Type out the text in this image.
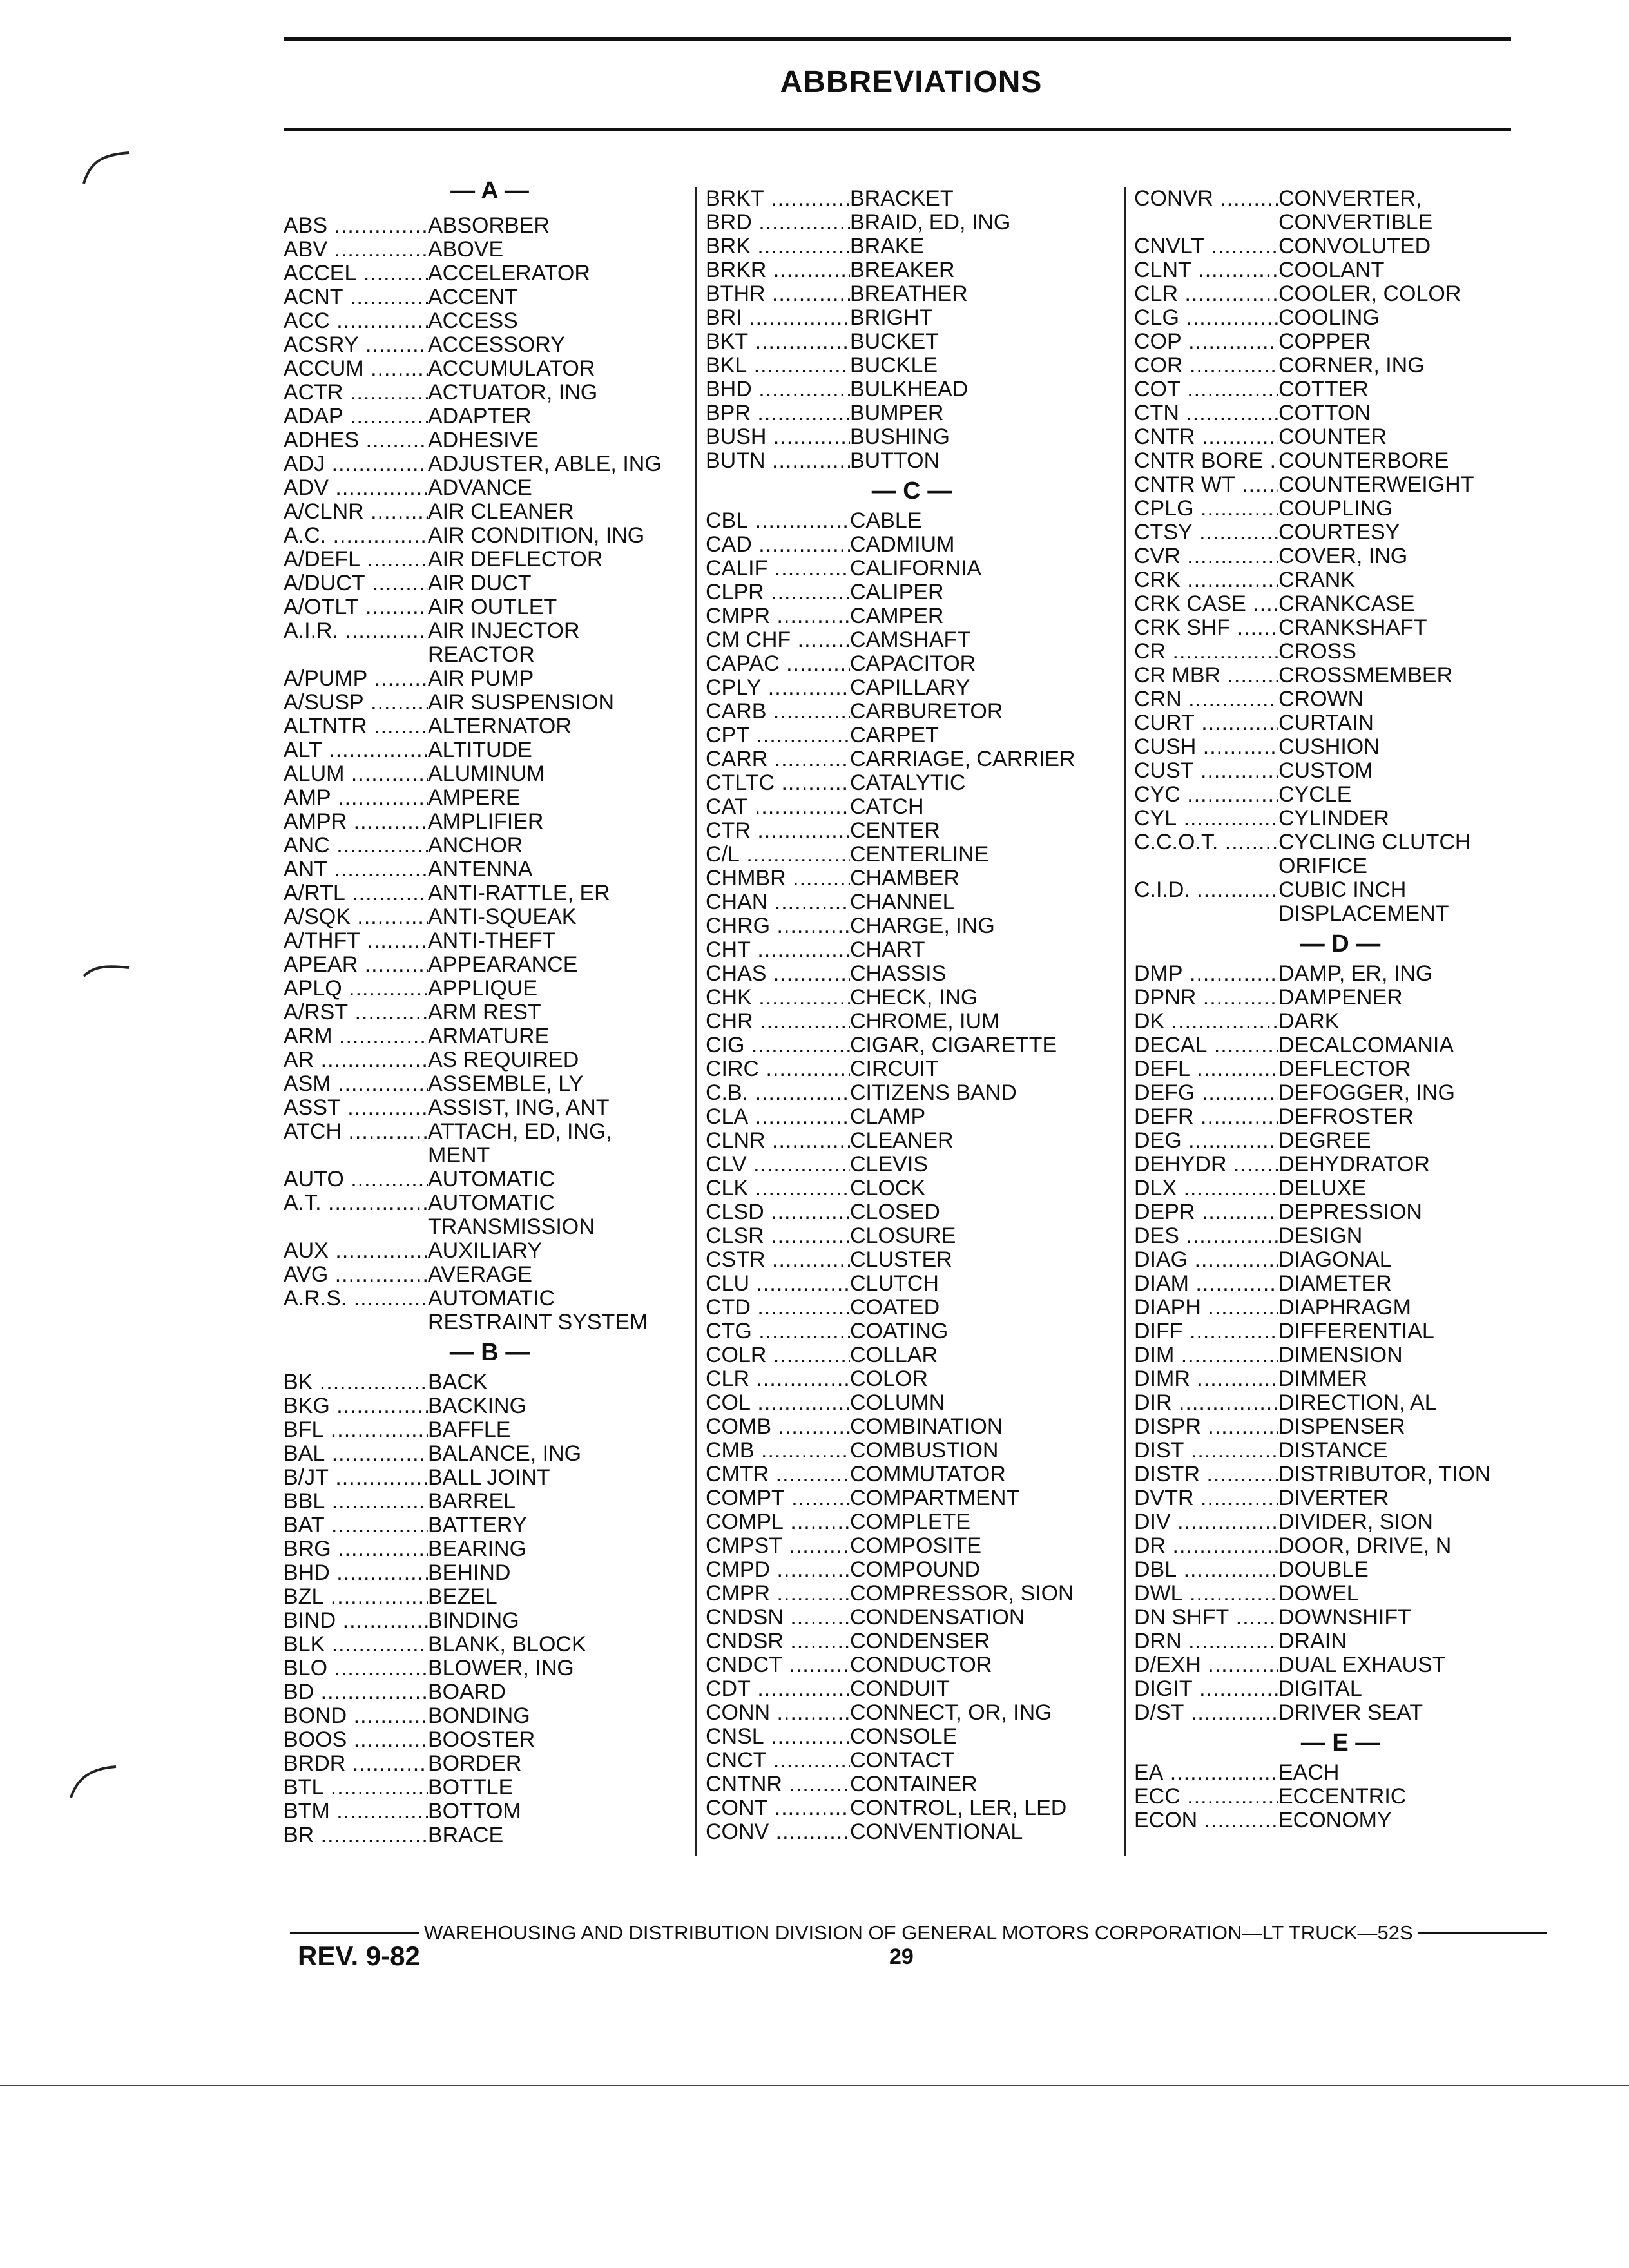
ABBREVIATIONS
— A —
ABS .....	ABSORBER
ABV .....	ABOVE
ACCEL .....	ACCELERATOR
ACNT .....	ACCENT
ACC .....	ACCESS
ACSRY .....	ACCESSORY
ACCUM .....	ACCUMULATOR
ACTR .....	ACTUATOR, ING
ADAP .....	ADAPTER
ADHES .....	ADHESIVE
ADJ .....	ADJUSTER, ABLE, ING
ADV .....	ADVANCE
A/CLNR .....	AIR CLEANER
A.C. .....	AIR CONDITION, ING
A/DEFL .....	AIR DEFLECTOR
A/DUCT .....	AIR DUCT
A/OTLT .....	AIR OUTLET
A.I.R. .....	AIR INJECTOR
REACTOR
A/PUMP .....	AIR PUMP
A/SUSP .....	AIR SUSPENSION
ALTNTR .....	ALTERNATOR
ALT .....	ALTITUDE
ALUM .....	ALUMINUM
AMP .....	AMPERE
AMPR .....	AMPLIFIER
ANC .....	ANCHOR
ANT .....	ANTENNA
A/RTL .....	ANTI-RATTLE, ER
A/SQK .....	ANTI-SQUEAK
A/THFT .....	ANTI-THEFT
APEAR .....	APPEARANCE
APLQ .....	APPLIQUE
A/RST .....	ARM REST
ARM .....	ARMATURE
AR .....	AS REQUIRED
ASM .....	ASSEMBLE, LY
ASST .....	ASSIST, ING, ANT
ATCH .....	ATTACH, ED, ING,
MENT
AUTO .....	AUTOMATIC
A.T. .....	AUTOMATIC
TRANSMISSION
AUX .....	AUXILIARY
AVG .....	AVERAGE
A.R.S. .....	AUTOMATIC
RESTRAINT SYSTEM
— B —
BK .....	BACK
BKG .....	BACKING
BFL .....	BAFFLE
BAL .....	BALANCE, ING
B/JT .....	BALL JOINT
BBL .....	BARREL
BAT .....	BATTERY
BRG .....	BEARING
BHD .....	BEHIND
BZL .....	BEZEL
BIND .....	BINDING
BLK .....	BLANK, BLOCK
BLO .....	BLOWER, ING
BD .....	BOARD
BOND .....	BONDING
BOOS .....	BOOSTER
BRDR .....	BORDER
BTL .....	BOTTLE
BTM .....	BOTTOM
BR .....	BRACE
BRKT .....	BRACKET
BRD .....	BRAID, ED, ING
BRK .....	BRAKE
BRKR .....	BREAKER
BTHR .....	BREATHER
BRI .....	BRIGHT
BKT .....	BUCKET
BKL .....	BUCKLE
BHD .....	BULKHEAD
BPR .....	BUMPER
BUSH .....	BUSHING
BUTN .....	BUTTON
— C —
CBL .....	CABLE
CAD .....	CADMIUM
CALIF .....	CALIFORNIA
CLPR .....	CALIPER
CMPR .....	CAMPER
CM CHF .....	CAMSHAFT
CAPAC .....	CAPACITOR
CPLY .....	CAPILLARY
CARB .....	CARBURETOR
CPT .....	CARPET
CARR .....	CARRIAGE, CARRIER
CTLTC .....	CATALYTIC
CAT .....	CATCH
CTR .....	CENTER
C/L .....	CENTERLINE
CHMBR .....	CHAMBER
CHAN .....	CHANNEL
CHRG .....	CHARGE, ING
CHT .....	CHART
CHAS .....	CHASSIS
CHK .....	CHECK, ING
CHR .....	CHROME, IUM
CIG .....	CIGAR, CIGARETTE
CIRC .....	CIRCUIT
C.B. .....	CITIZENS BAND
CLA .....	CLAMP
CLNR .....	CLEANER
CLV .....	CLEVIS
CLK .....	CLOCK
CLSD .....	CLOSED
CLSR .....	CLOSURE
CSTR .....	CLUSTER
CLU .....	CLUTCH
CTD .....	COATED
CTG .....	COATING
COLR .....	COLLAR
CLR .....	COLOR
COL .....	COLUMN
COMB .....	COMBINATION
CMB .....	COMBUSTION
CMTR .....	COMMUTATOR
COMPT .....	COMPARTMENT
COMPL .....	COMPLETE
CMPST .....	COMPOSITE
CMPD .....	COMPOUND
CMPR .....	COMPRESSOR, SION
CNDSN .....	CONDENSATION
CNDSR .....	CONDENSER
CNDCT .....	CONDUCTOR
CDT .....	CONDUIT
CONN .....	CONNECT, OR, ING
CNSL .....	CONSOLE
CNCT .....	CONTACT
CNTNR .....	CONTAINER
CONT .....	CONTROL, LER, LED
CONV .....	CONVENTIONAL
CONVR .....	CONVERTER,
CONVERTIBLE
CNVLT .....	CONVOLUTED
CLNT .....	COOLANT
CLR .....	COOLER, COLOR
CLG .....	COOLING
COP .....	COPPER
COR .....	CORNER, ING
COT .....	COTTER
CTN .....	COTTON
CNTR .....	COUNTER
CNTR BORE ..... COUNTERBORE
CNTR WT .....	COUNTERWEIGHT
CPLG .....	COUPLING
CTSY .....	COURTESY
CVR .....	COVER, ING
CRK .....	CRANK
CRK CASE .....	CRANKCASE
CRK SHF .....	CRANKSHAFT
CR .....	CROSS
CR MBR .....	CROSSMEMBER
CRN .....	CROWN
CURT .....	CURTAIN
CUSH .....	CUSHION
CUST .....	CUSTOM
CYC .....	CYCLE
CYL .....	CYLINDER
C.C.O.T. .....	CYCLING CLUTCH
ORIFICE
C.I.D. .....	CUBIC INCH
DISPLACEMENT
— D —
DMP .....	DAMP, ER, ING
DPNR .....	DAMPENER
DK .....	DARK
DECAL .....	DECALCOMANIA
DEFL .....	DEFLECTOR
DEFG .....	DEFOGGER, ING
DEFR .....	DEFROSTER
DEG .....	DEGREE
DEHYDR .....	DEHYDRATOR
DLX .....	DELUXE
DEPR .....	DEPRESSION
DES .....	DESIGN
DIAG .....	DIAGONAL
DIAM .....	DIAMETER
DIAPH .....	DIAPHRAGM
DIFF .....	DIFFERENTIAL
DIM .....	DIMENSION
DIMR .....	DIMMER
DIR .....	DIRECTION, AL
DISPR .....	DISPENSER
DIST .....	DISTANCE
DISTR .....	DISTRIBUTOR, TION
DVTR .....	DIVERTER
DIV .....	DIVIDER, SION
DR .....	DOOR, DRIVE, N
DBL .....	DOUBLE
DWL .....	DOWEL
DN SHFT .....	DOWNSHIFT
DRN .....	DRAIN
D/EXH .....	DUAL EXHAUST
DIGIT .....	DIGITAL
D/ST .....	DRIVER SEAT
— E —
EA .....	EACH
ECC .....	ECCENTRIC
ECON .....	ECONOMY
WAREHOUSING AND DISTRIBUTION DIVISION OF GENERAL MOTORS CORPORATION—LT TRUCK—52S
REV. 9-82	29
